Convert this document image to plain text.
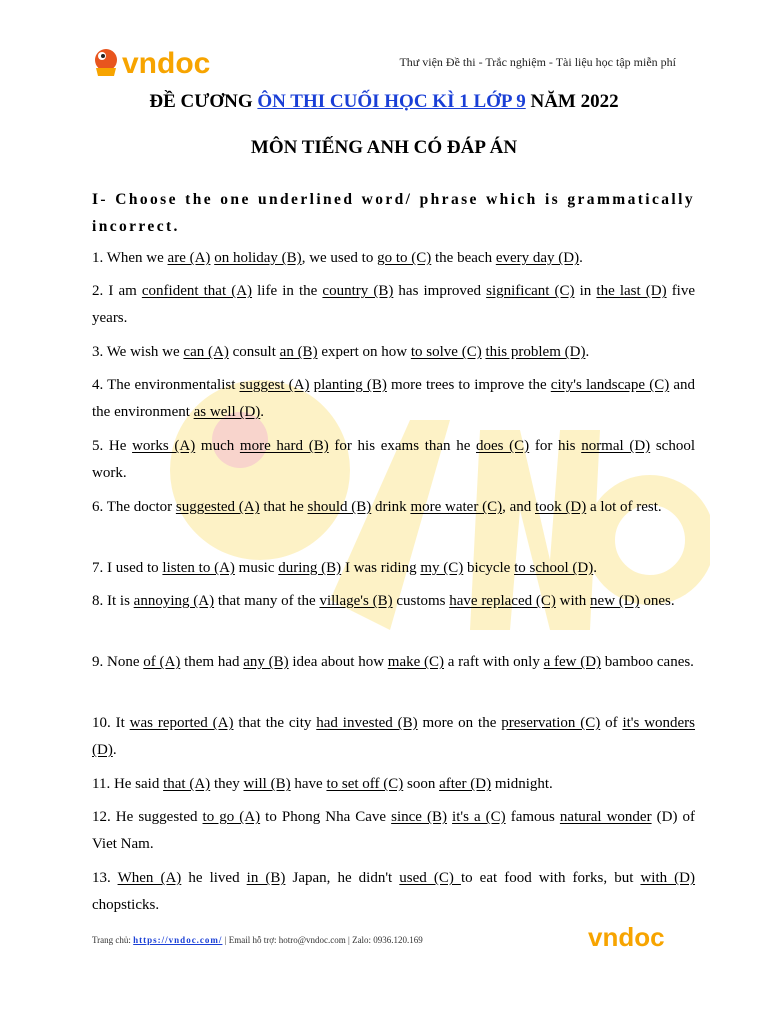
vndoc	Thư viện Đề thi - Trắc nghiệm - Tài liệu học tập miễn phí
ĐỀ CƯƠNG ÔN THI CUỐI HỌC KÌ 1 LỚP 9 NĂM 2022
MÔN TIẾNG ANH CÓ ĐÁP ÁN
I- Choose the one underlined word/ phrase which is grammatically incorrect.
1. When we are (A) on holiday (B), we used to go to (C) the beach every day (D).
2. I am confident that (A) life in the country (B) has improved significant (C) in the last (D) five years.
3. We wish we can (A) consult an (B) expert on how to solve (C) this problem (D).
4. The environmentalist suggest (A) planting (B) more trees to improve the city's landscape (C) and the environment as well (D).
5. He works (A) much more hard (B) for his exams than he does (C) for his normal (D) school work.
6. The doctor suggested (A) that he should (B) drink more water (C), and took (D) a lot of rest.
7. I used to listen to (A) music during (B) I was riding my (C) bicycle to school (D).
8. It is annoying (A) that many of the village's (B) customs have replaced (C) with new (D) ones.
9. None of (A) them had any (B) idea about how make (C) a raft with only a few (D) bamboo canes.
10. It was reported (A) that the city had invested (B) more on the preservation (C) of it's wonders (D).
11. He said that (A) they will (B) have to set off (C) soon after (D) midnight.
12. He suggested to go (A) to Phong Nha Cave since (B) it's a (C) famous natural wonder (D) of Viet Nam.
13. When (A) he lived in (B) Japan, he didn't used (C) to eat food with forks, but with (D) chopsticks.
Trang chủ: https://vndoc.com/ | Email hỗ trợ: hotro@vndoc.com | Zalo: 0936.120.169	vndoc
